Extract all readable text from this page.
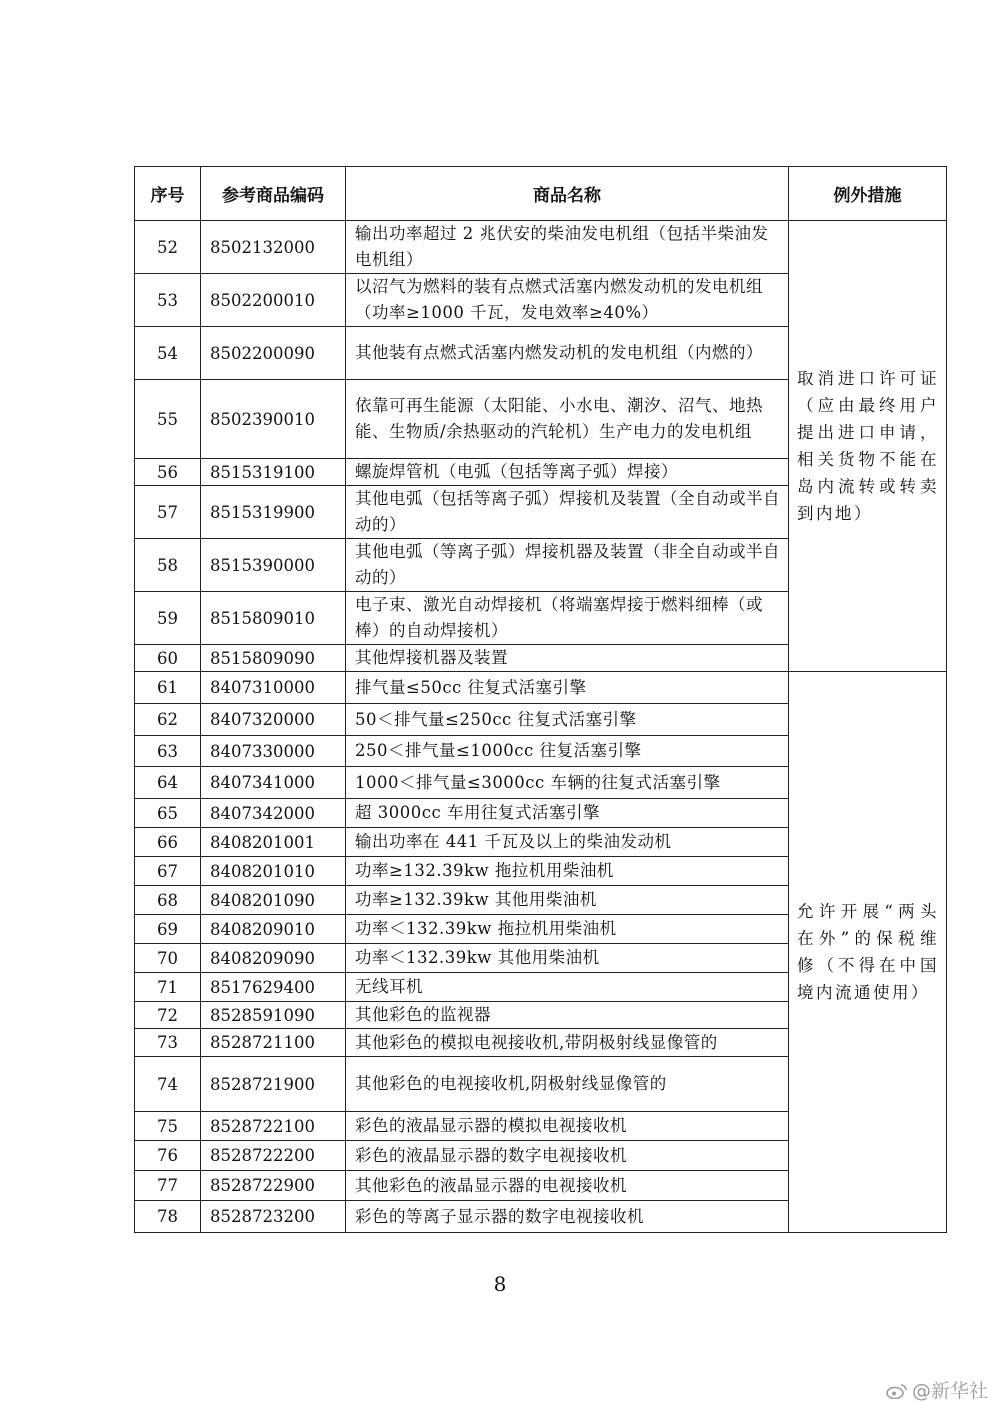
序号	参考商品编码	商品名称	例外措施
52	8502132000	输出功率超过 2 兆伏安的柴油发电机组（包括半柴油发电机组）	取消进口许可证（应由最终用户提出进口申请，相关货物不能在岛内流转或转卖到内地）
53	8502200010	以沼气为燃料的装有点燃式活塞内燃发动机的发电机组（功率≥1000 千瓦，发电效率≥40%）	
54	8502200090	其他装有点燃式活塞内燃发动机的发电机组（内燃的）	
55	8502390010	依靠可再生能源（太阳能、小水电、潮汐、沼气、地热能、生物质/余热驱动的汽轮机）生产电力的发电机组	
56	8515319100	螺旋焊管机（电弧（包括等离子弧）焊接）	
57	8515319900	其他电弧（包括等离子弧）焊接机及装置（全自动或半自动的）	
58	8515390000	其他电弧（等离子弧）焊接机器及装置（非全自动或半自动的）	
59	8515809010	电子束、激光自动焊接机（将端塞焊接于燃料细棒（或棒）的自动焊接机）	
60	8515809090	其他焊接机器及装置	
61	8407310000	排气量≤50cc 往复式活塞引擎	允许开展“两头在外”的保税维修（不得在中国境内流通使用）
62	8407320000	50＜排气量≤250cc 往复式活塞引擎	
63	8407330000	250＜排气量≤1000cc 往复活塞引擎	
64	8407341000	1000＜排气量≤3000cc 车辆的往复式活塞引擎	
65	8407342000	超 3000cc 车用往复式活塞引擎	
66	8408201001	输出功率在 441 千瓦及以上的柴油发动机	
67	8408201010	功率≥132.39kw 拖拉机用柴油机	
68	8408201090	功率≥132.39kw 其他用柴油机	
69	8408209010	功率＜132.39kw 拖拉机用柴油机	
70	8408209090	功率＜132.39kw 其他用柴油机	
71	8517629400	无线耳机	
72	8528591090	其他彩色的监视器	
73	8528721100	其他彩色的模拟电视接收机,带阴极射线显像管的	
74	8528721900	其他彩色的电视接收机,阴极射线显像管的	
75	8528722100	彩色的液晶显示器的模拟电视接收机	
76	8528722200	彩色的液晶显示器的数字电视接收机	
77	8528722900	其他彩色的液晶显示器的电视接收机	
78	8528723200	彩色的等离子显示器的数字电视接收机	
8
@新华社
